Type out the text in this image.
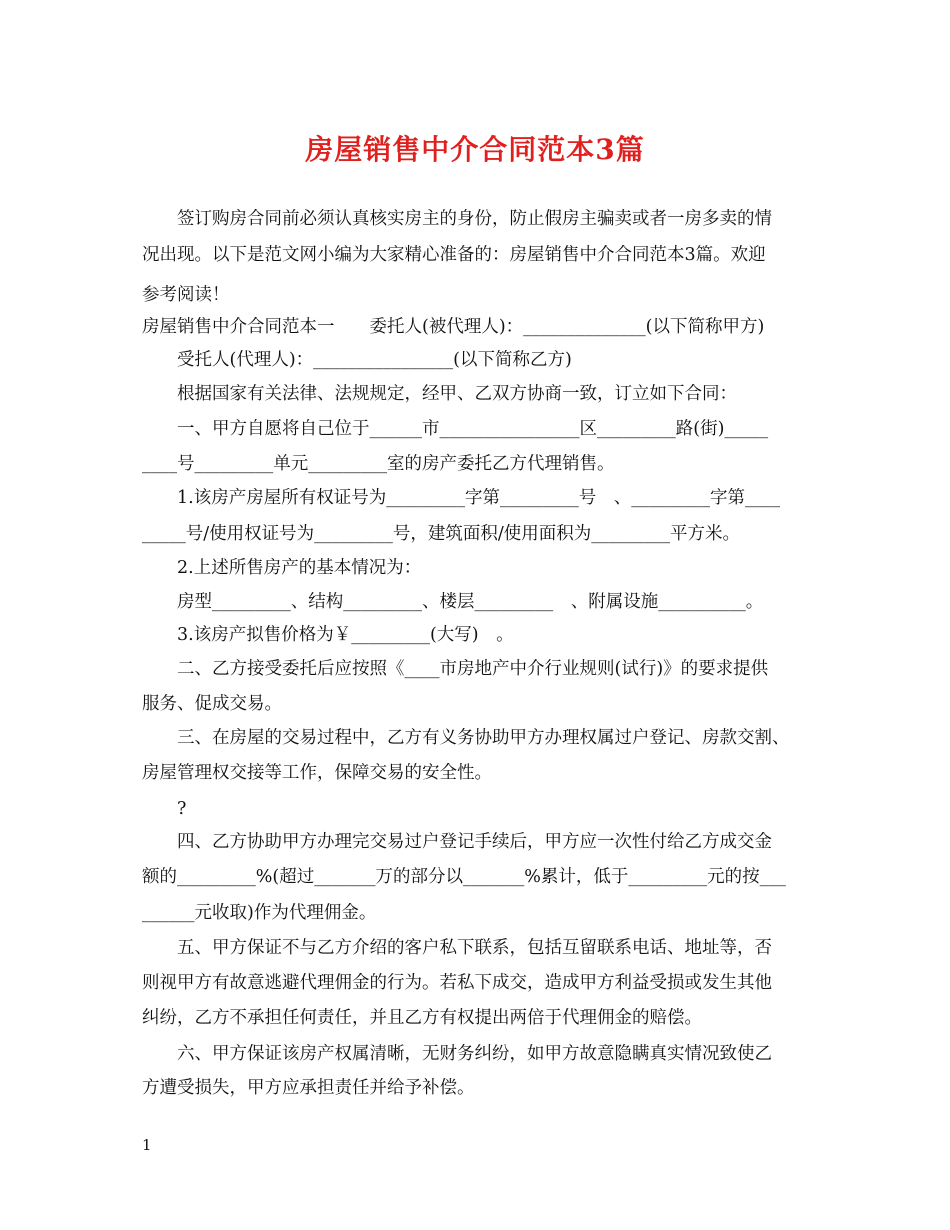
房屋销售中介合同范本3篇
签订购房合同前必须认真核实房主的身份，防止假房主骗卖或者一房多卖的情
况出现。以下是范文网小编为大家精心准备的：房屋销售中介合同范本3篇。欢迎
参考阅读！
房屋销售中介合同范本一　　委托人(被代理人)：______________(以下简称甲方)
受托人(代理人)：________________(以下简称乙方)
根据国家有关法律、法规规定，经甲、乙双方协商一致，订立如下合同：
一、甲方自愿将自己位于______市________________区_________路(街)_____
____号_________单元_________室的房产委托乙方代理销售。
1.该房产房屋所有权证号为_________字第_________号　、_________字第____
_____号/使用权证号为_________号，建筑面积/使用面积为_________平方米。
2.上述所售房产的基本情况为：
房型_________、结构_________、楼层_________　、附属设施__________。
3.该房产拟售价格为￥_________(大写)　。
二、乙方接受委托后应按照《____市房地产中介行业规则(试行)》的要求提供
服务、促成交易。
三、在房屋的交易过程中，乙方有义务协助甲方办理权属过户登记、房款交割、
房屋管理权交接等工作，保障交易的安全性。
?
四、乙方协助甲方办理完交易过户登记手续后，甲方应一次性付给乙方成交金
额的_________%(超过_______万的部分以_______%累计，低于_________元的按___
______元收取)作为代理佣金。
五、甲方保证不与乙方介绍的客户私下联系，包括互留联系电话、地址等，否
则视甲方有故意逃避代理佣金的行为。若私下成交，造成甲方利益受损或发生其他
纠纷，乙方不承担任何责任，并且乙方有权提出两倍于代理佣金的赔偿。
六、甲方保证该房产权属清晰，无财务纠纷，如甲方故意隐瞒真实情况致使乙
方遭受损失，甲方应承担责任并给予补偿。
1
